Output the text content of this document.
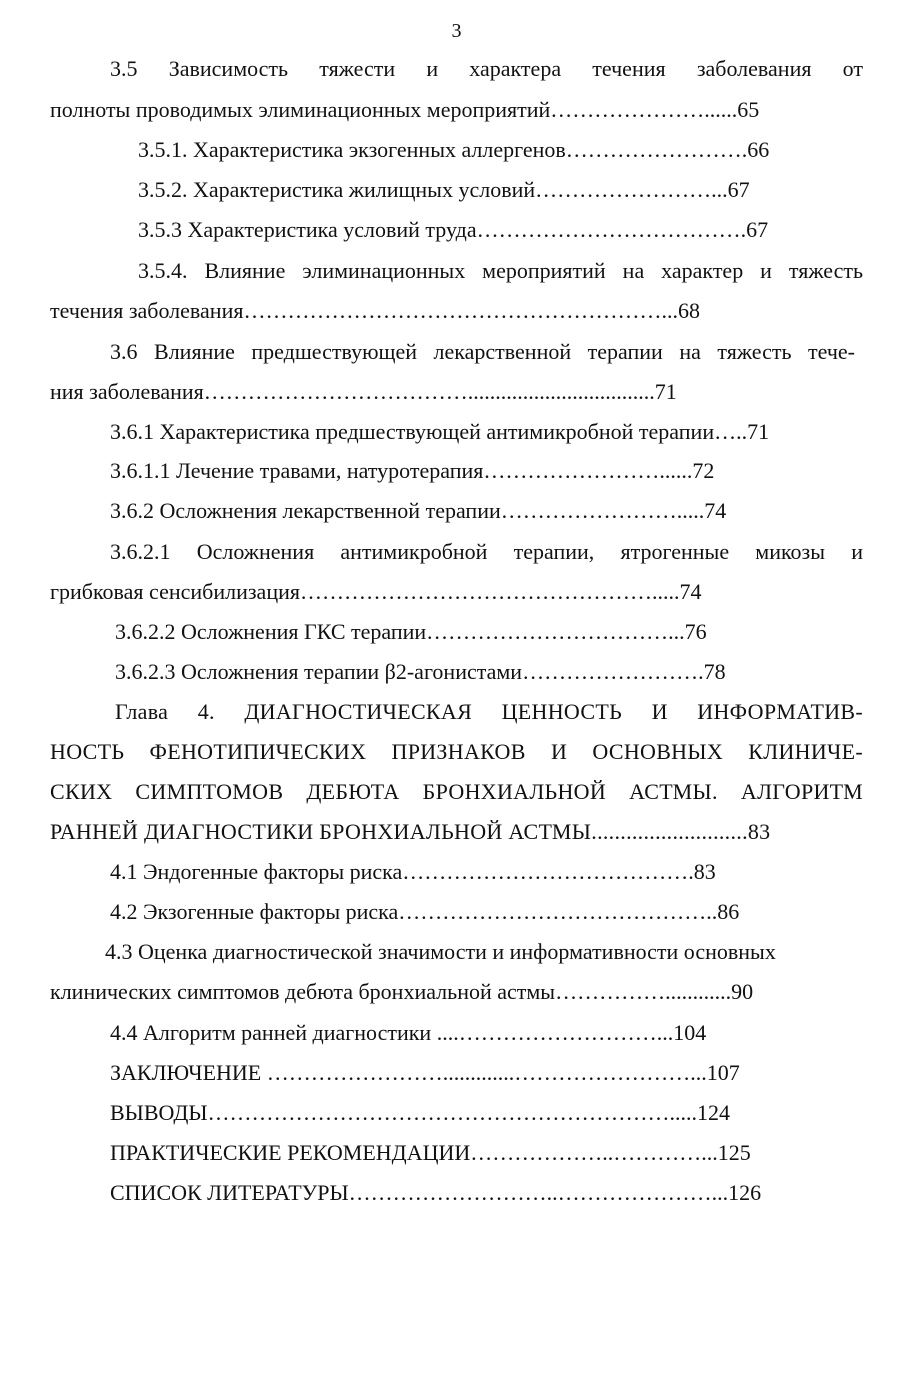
3
3.5 Зависимость тяжести и характера течения заболевания от
полноты проводимых элиминационных мероприятий…………………......65
3.5.1. Характеристика экзогенных аллергенов…………………….66
3.5.2. Характеристика жилищных условий……………………...67
3.5.3 Характеристика условий труда……………………………….67
3.5.4. Влияние элиминационных мероприятий на характер и тяжесть
течения заболевания…………………………………………………...68
3.6 Влияние предшествующей лекарственной терапии на тяжесть тече-
ния заболевания………………………………..................................71
3.6.1 Характеристика предшествующей антимикробной терапии…..71
3.6.1.1 Лечение травами, натуротерапия……………………......72
3.6.2 Осложнения лекарственной терапии…………………….....74
3.6.2.1 Осложнения антимикробной терапии, ятрогенные микозы и
грибковая сенсибилизация………………………………………….....74
3.6.2.2 Осложнения ГКС терапии……………………………...76
3.6.2.3 Осложнения терапии β2-агонистами…………………….78
Глава 4. ДИАГНОСТИЧЕСКАЯ ЦЕННОСТЬ И ИНФОРМАТИВ-
НОСТЬ ФЕНОТИПИЧЕСКИХ ПРИЗНАКОВ И ОСНОВНЫХ КЛИНИЧЕ-
СКИХ СИМПТОМОВ ДЕБЮТА БРОНХИАЛЬНОЙ АСТМЫ. АЛГОРИТМ
РАННЕЙ ДИАГНОСТИКИ БРОНХИАЛЬНОЙ АСТМЫ...........................83
4.1 Эндогенные факторы риска………………………………….83
4.2 Экзогенные факторы риска……………………………………..86
4.3 Оценка диагностической значимости и информативности основных
клинических симптомов дебюта бронхиальной астмы……………............90
4.4 Алгоритм ранней диагностики ....………………………...104
ЗАКЛЮЧЕНИЕ …………………….............……………………...107
ВЫВОДЫ……………………………………………………….....124
ПРАКТИЧЕСКИЕ РЕКОМЕНДАЦИИ………………..…………...125
СПИСОК ЛИТЕРАТУРЫ………………………..…………………...126
